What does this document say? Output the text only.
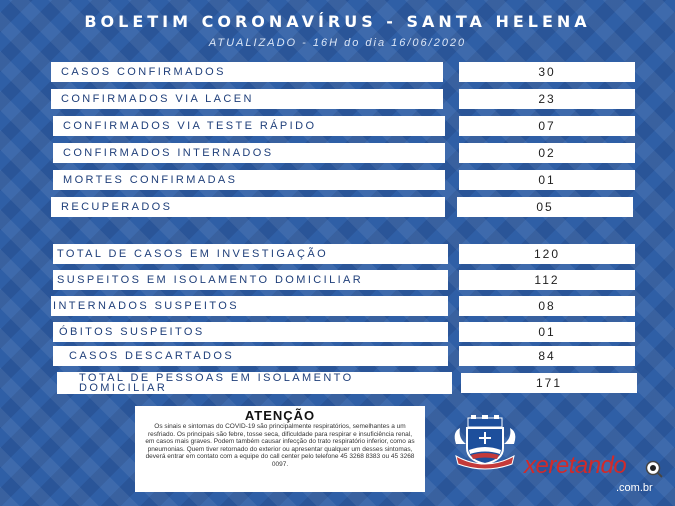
BOLETIM CORONAVÍRUS - SANTA HELENA
ATUALIZADO - 16H do dia 16/06/2020
CASOS CONFIRMADOS	30
CONFIRMADOS VIA LACEN	23
CONFIRMADOS VIA TESTE RÁPIDO	07
CONFIRMADOS INTERNADOS	02
MORTES CONFIRMADAS	01
RECUPERADOS	05
TOTAL DE CASOS EM INVESTIGAÇÃO	120
SUSPEITOS EM ISOLAMENTO DOMICILIAR	112
INTERNADOS SUSPEITOS	08
ÓBITOS SUSPEITOS	01
CASOS DESCARTADOS	84
TOTAL DE PESSOAS EM ISOLAMENTO DOMICILIAR	171
ATENÇÃO
Os sinais e sintomas do COVID-19 são principalmente respiratórios, semelhantes a um resfriado. Os principais são febre, tosse seca, dificuldade para respirar e insuficiência renal, em casos mais graves. Podem também causar infecção do trato respiratório inferior, como as pneumonias. Quem tiver retornado do exterior ou apresentar qualquer um desses sintomas, deverá entrar em contato com a equipe do call center pelo telefone 45 3268 8383 ou 45 3268 0097.	xeretando
.com.br
